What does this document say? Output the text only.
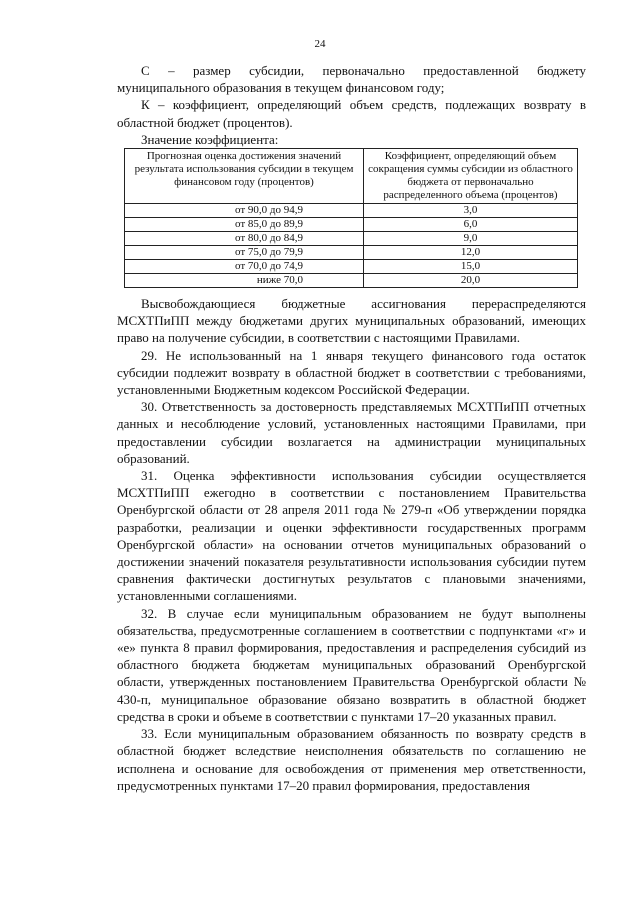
24

С – размер субсидии, первоначально предоставленной бюджету муниципального образования в текущем финансовом году;

К – коэффициент, определяющий объем средств, подлежащих возврату в областной бюджет (процентов).

Значение коэффициента:

Прогнозная оценка достижения значений результата использования субсидии в текущем финансовом году (процентов)	Коэффициент, определяющий объем сокращения суммы субсидии из областного бюджета от первоначально распределенного объема (процентов)
от 90,0 до 94,9	3,0
от 85,0 до 89,9	6,0
от 80,0 до 84,9	9,0
от 75,0 до 79,9	12,0
от 70,0 до 74,9	15,0
ниже 70,0	20,0

Высвобождающиеся бюджетные ассигнования перераспределяются МСХТПиПП между бюджетами других муниципальных образований, имеющих право на получение субсидии, в соответствии с настоящими Правилами.

29. Не использованный на 1 января текущего финансового года остаток субсидии подлежит возврату в областной бюджет в соответствии с требованиями, установленными Бюджетным кодексом Российской Федерации.

30. Ответственность за достоверность представляемых МСХТПиПП отчетных данных и несоблюдение условий, установленных настоящими Правилами, при предоставлении субсидии возлагается на администрации муниципальных образований.

31. Оценка эффективности использования субсидии осуществляется МСХТПиПП ежегодно в соответствии с постановлением Правительства Оренбургской области от 28 апреля 2011 года № 279-п «Об утверждении порядка разработки, реализации и оценки эффективности государственных программ Оренбургской области» на основании отчетов муниципальных образований о достижении значений показателя результативности использования субсидии путем сравнения фактически достигнутых результатов с плановыми значениями, установленными соглашениями.

32. В случае если муниципальным образованием не будут выполнены обязательства, предусмотренные соглашением в соответствии с подпунктами «г» и «е» пункта 8 правил формирования, предоставления и распределения субсидий из областного бюджета бюджетам муниципальных образований Оренбургской области, утвержденных постановлением Правительства Оренбургской области № 430-п, муниципальное образование обязано возвратить в областной бюджет средства в сроки и объеме в соответствии с пунктами 17–20 указанных правил.

33. Если муниципальным образованием обязанность по возврату средств в областной бюджет вследствие неисполнения обязательств по соглашению не исполнена и основание для освобождения от применения мер ответственности, предусмотренных пунктами 17–20 правил формирования, предоставления
